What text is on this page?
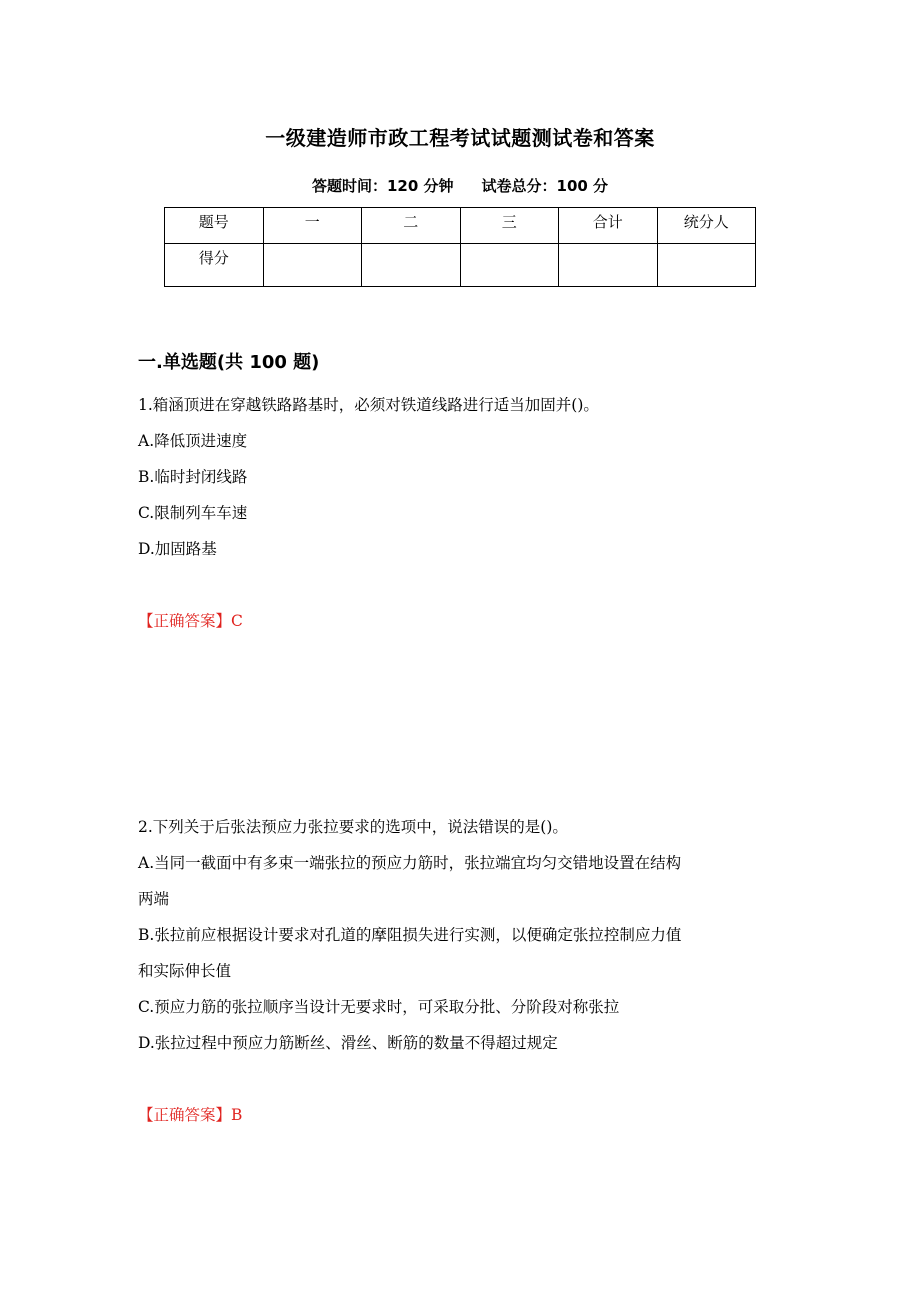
一级建造师市政工程考试试题测试卷和答案
答题时间：120 分钟 试卷总分：100 分
题号	一	二	三	合计	统分人
得分					
一.单选题(共 100 题)
1.箱涵顶进在穿越铁路路基时，必须对铁道线路进行适当加固并()。
A.降低顶进速度
B.临时封闭线路
C.限制列车车速
D.加固路基
【正确答案】C
2.下列关于后张法预应力张拉要求的选项中，说法错误的是()。
A.当同一截面中有多束一端张拉的预应力筋时，张拉端宜均匀交错地设置在结构
两端
B.张拉前应根据设计要求对孔道的摩阻损失进行实测，以便确定张拉控制应力值
和实际伸长值
C.预应力筋的张拉顺序当设计无要求时，可采取分批、分阶段对称张拉
D.张拉过程中预应力筋断丝、滑丝、断筋的数量不得超过规定
【正确答案】B
